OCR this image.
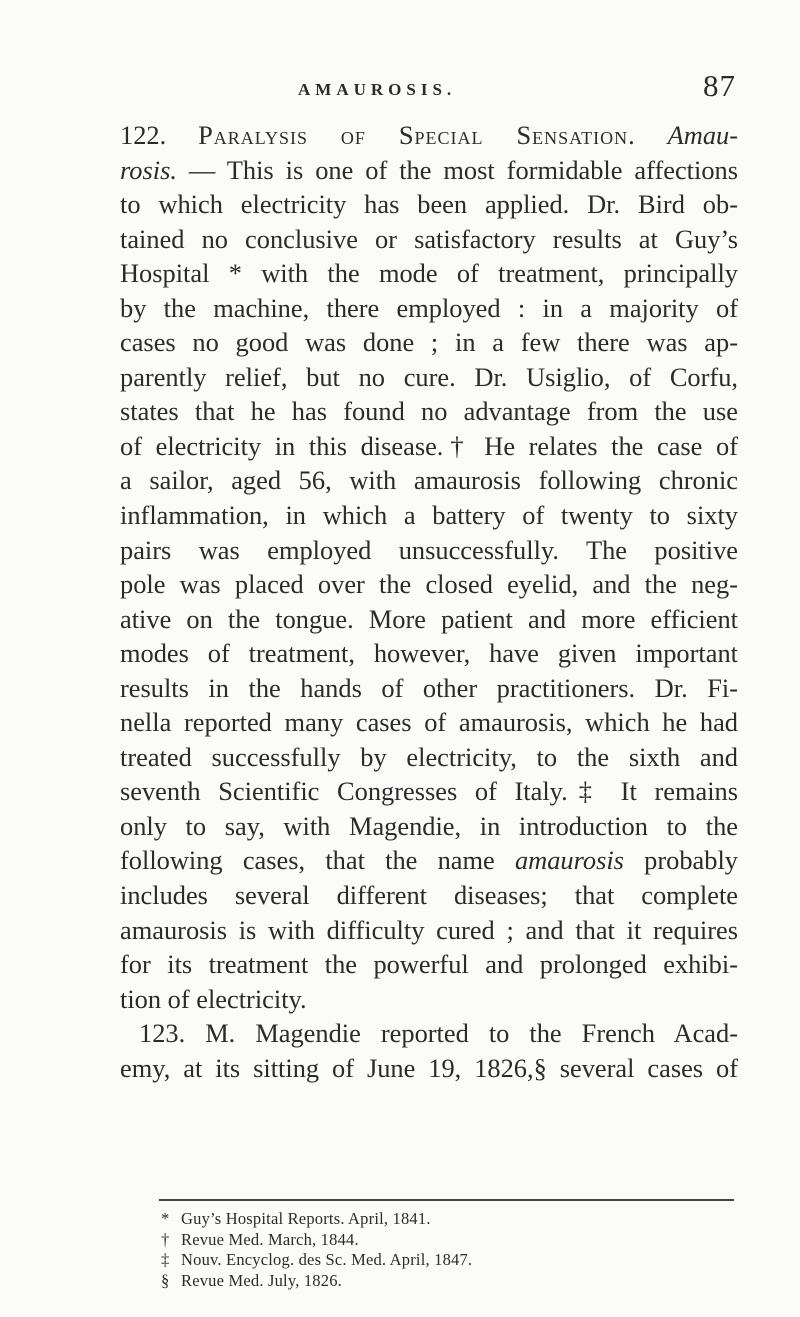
AMAUROSIS.	87
122. Paralysis of Special Sensation. Amau-
rosis. — This is one of the most formidable affections
to which electricity has been applied. Dr. Bird ob-
tained no conclusive or satisfactory results at Guy’s
Hospital * with the mode of treatment, principally
by the machine, there employed : in a majority of
cases no good was done ; in a few there was ap-
parently relief, but no cure. Dr. Usiglio, of Corfu,
states that he has found no advantage from the use
of electricity in this disease.† He relates the case of
a sailor, aged 56, with amaurosis following chronic
inflammation, in which a battery of twenty to sixty
pairs was employed unsuccessfully. The positive
pole was placed over the closed eyelid, and the neg-
ative on the tongue. More patient and more efficient
modes of treatment, however, have given important
results in the hands of other practitioners. Dr. Fi-
nella reported many cases of amaurosis, which he had
treated successfully by electricity, to the sixth and
seventh Scientific Congresses of Italy.‡ It remains
only to say, with Magendie, in introduction to the
following cases, that the name amaurosis probably
includes several different diseases; that complete
amaurosis is with difficulty cured ; and that it requires
for its treatment the powerful and prolonged exhibi-
tion of electricity.
123. M. Magendie reported to the French Acad-
emy, at its sitting of June 19, 1826,§ several cases of
* Guy’s Hospital Reports. April, 1841.
† Revue Med. March, 1844.
‡ Nouv. Encyclog. des Sc. Med. April, 1847.
§ Revue Med. July, 1826.
